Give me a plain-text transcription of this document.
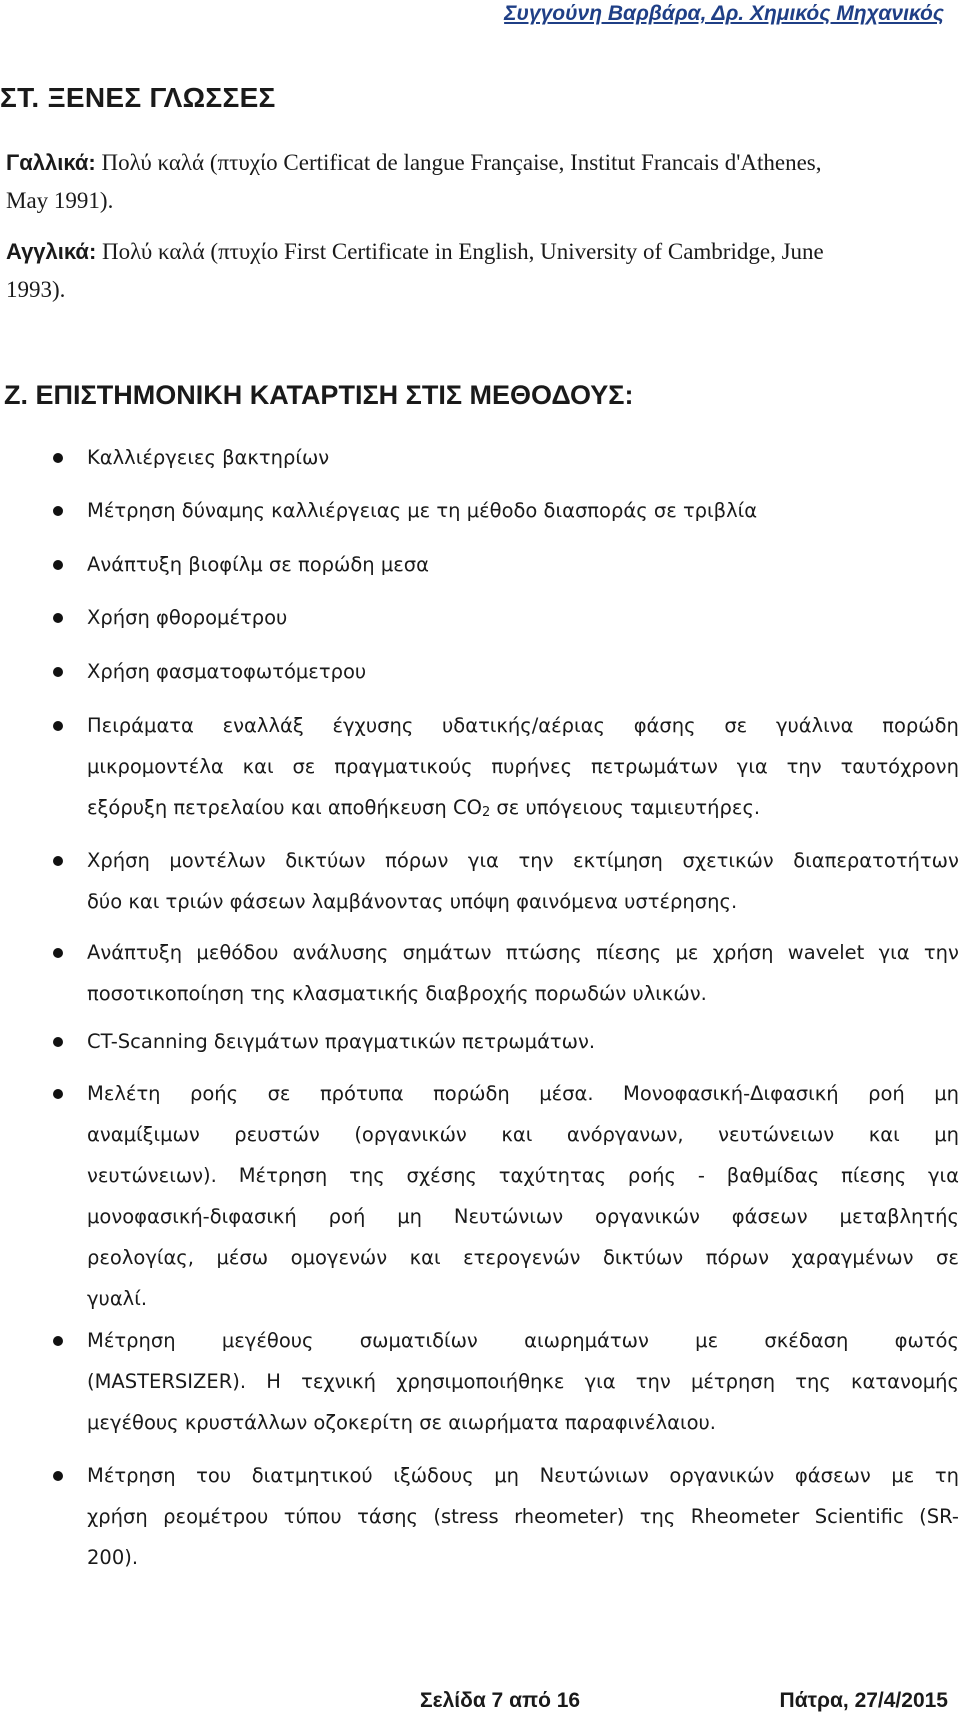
Συγγούνη Βαρβάρα, Δρ. Χημικός Μηχανικός
ΣΤ. ΞΕΝΕΣ ΓΛΩΣΣΕΣ
Γαλλικά: Πολύ καλά (πτυχίο Certificat de langue Française, Institut Francais d'Athenes,
May 1991).
Αγγλικά: Πολύ καλά (πτυχίο First Certificate in English, University of Cambridge, June
1993).
Ζ. ΕΠΙΣΤΗΜΟΝΙΚΗ ΚΑΤΑΡΤΙΣΗ ΣΤΙΣ ΜΕΘΟΔΟΥΣ:
Καλλιέργειες βακτηρίων
Μέτρηση δύναμης καλλιέργειας με τη μέθοδο διασποράς σε τριβλία
Ανάπτυξη βιοφίλμ σε πορώδη μεσα
Χρήση φθορομέτρου
Χρήση φασματοφωτόμετρου
Πειράματα εναλλάξ έγχυσης υδατικής/αέριας φάσης σε γυάλινα πορώδη
μικρομοντέλα και σε πραγματικούς πυρήνες πετρωμάτων για την ταυτόχρονη
εξόρυξη πετρελαίου και αποθήκευση $CO_2$ σε υπόγειους ταμιευτήρες.
Χρήση μοντέλων δικτύων πόρων για την εκτίμηση σχετικών διαπερατοτήτων
δύο και τριών φάσεων λαμβάνοντας υπόψη φαινόμενα υστέρησης.
Ανάπτυξη μεθόδου ανάλυσης σημάτων πτώσης πίεσης με χρήση wavelet για την
ποσοτικοποίηση της κλασματικής διαβροχής πορωδών υλικών.
CT-Scanning δειγμάτων πραγματικών πετρωμάτων.
Μελέτη ροής σε πρότυπα πορώδη μέσα. Μονοφασική-Διφασική ροή μη
αναμίξιμων ρευστών (οργανικών και ανόργανων, νευτώνειων και μη
νευτώνειων). Μέτρηση της σχέσης ταχύτητας ροής - βαθμίδας πίεσης για
μονοφασική-διφασική ροή μη Νευτώνιων οργανικών φάσεων μεταβλητής
ρεολογίας, μέσω ομογενών και ετερογενών δικτύων πόρων χαραγμένων σε
γυαλί.
Μέτρηση μεγέθους σωματιδίων αιωρημάτων με σκέδαση φωτός
(MASTERSIZER). Η τεχνική χρησιμοποιήθηκε για την μέτρηση της κατανομής
μεγέθους κρυστάλλων οζοκερίτη σε αιωρήματα παραφινέλαιου.
Μέτρηση του διατμητικού ιξώδους μη Νευτώνιων οργανικών φάσεων με τη
χρήση ρεομέτρου τύπου τάσης (stress rheometer) της Rheometer Scientific (SR-
200).
Σελίδα 7 από 16	Πάτρα, 27/4/2015
